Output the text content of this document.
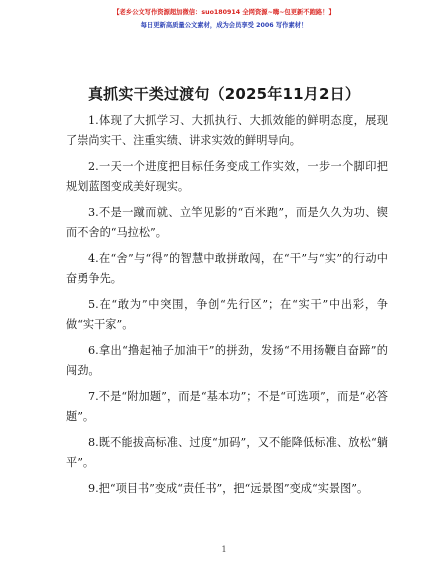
【老乡公文写作资源超加微信：suo180914 全网资源~嗨~包更新不跑路！】
每日更新高质量公文素材，成为会员享受 2006 写作素材！
真抓实干类过渡句（2025年11月2日）

1.体现了大抓学习、大抓执行、大抓效能的鲜明态度，展现了崇尚实干、注重实绩、讲求实效的鲜明导向。

2.一天一个进度把目标任务变成工作实效，一步一个脚印把规划蓝图变成美好现实。

3.不是一蹴而就、立竿见影的“百米跑”，而是久久为功、锲而不舍的“马拉松”。

4.在“舍”与“得”的智慧中敢拼敢闯，在“干”与“实”的行动中奋勇争先。

5.在“敢为”中突围，争创“先行区”；在“实干”中出彩，争做“实干家”。

6.拿出“撸起袖子加油干”的拼劲，发扬“不用扬鞭自奋蹄”的闯劲。

7.不是“附加题”，而是“基本功”；不是“可选项”，而是“必答题”。

8.既不能拔高标准、过度“加码”，又不能降低标准、放松“躺平”。

9.把“项目书”变成“责任书”，把“远景图”变成“实景图”。

1
